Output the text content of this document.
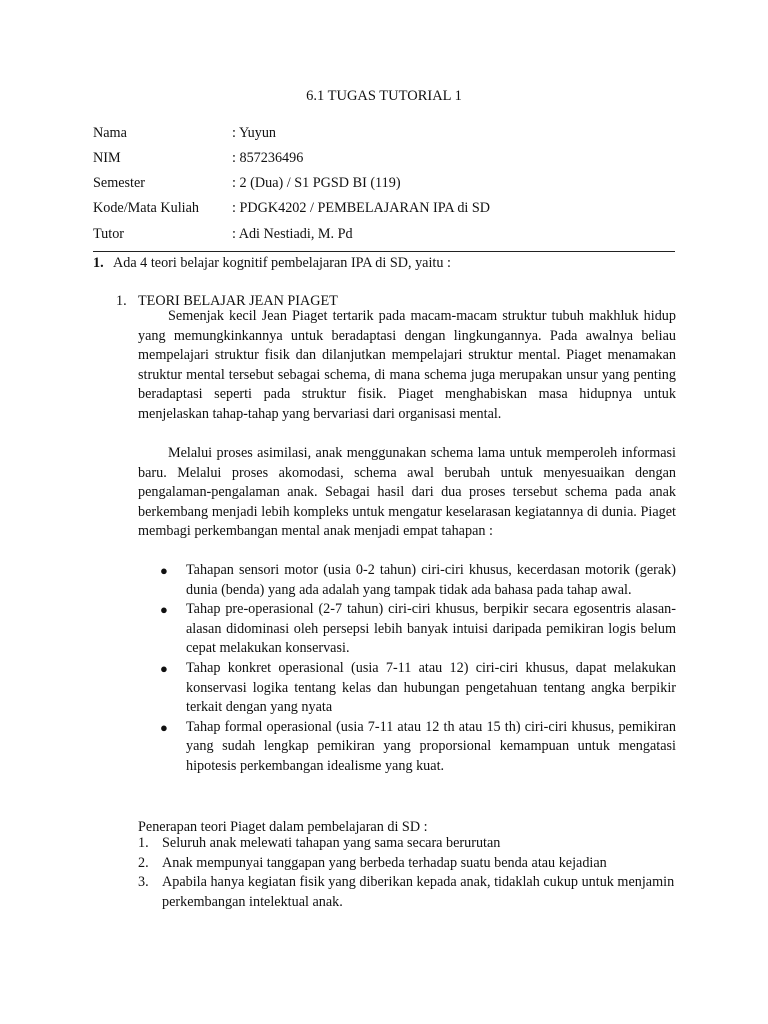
6.1 TUGAS TUTORIAL 1
Nama	: Yuyun
NIM	: 857236496
Semester	: 2 (Dua) / S1 PGSD BI (119)
Kode/Mata Kuliah : PDGK4202 / PEMBELAJARAN IPA di SD
Tutor	: Adi Nestiadi, M. Pd
1. Ada 4 teori belajar kognitif pembelajaran IPA di SD, yaitu :
1. TEORI BELAJAR JEAN PIAGET

Semenjak kecil Jean Piaget tertarik pada macam-macam struktur tubuh makhluk hidup yang memungkinkannya untuk beradaptasi dengan lingkungannya. Pada awalnya beliau mempelajari struktur fisik dan dilanjutkan mempelajari struktur mental. Piaget menamakan struktur mental tersebut sebagai schema, di mana schema juga merupakan unsur yang penting beradaptasi seperti pada struktur fisik. Piaget menghabiskan masa hidupnya untuk menjelaskan tahap-tahap yang bervariasi dari organisasi mental.

Melalui proses asimilasi, anak menggunakan schema lama untuk memperoleh informasi baru. Melalui proses akomodasi, schema awal berubah untuk menyesuaikan dengan pengalaman-pengalaman anak. Sebagai hasil dari dua proses tersebut schema pada anak berkembang menjadi lebih kompleks untuk mengatur keselarasan kegiatannya di dunia. Piaget membagi perkembangan mental anak menjadi empat tahapan :

● Tahapan sensori motor (usia 0-2 tahun) ciri-ciri khusus, kecerdasan motorik (gerak) dunia (benda) yang ada adalah yang tampak tidak ada bahasa pada tahap awal.
● Tahap pre-operasional (2-7 tahun) ciri-ciri khusus, berpikir secara egosentris alasan-alasan didominasi oleh persepsi lebih banyak intuisi daripada pemikiran logis belum cepat melakukan konservasi.
● Tahap konkret operasional (usia 7-11 atau 12) ciri-ciri khusus, dapat melakukan konservasi logika tentang kelas dan hubungan pengetahuan tentang angka berpikir terkait dengan yang nyata
● Tahap formal operasional (usia 7-11 atau 12 th atau 15 th) ciri-ciri khusus, pemikiran yang sudah lengkap pemikiran yang proporsional kemampuan untuk mengatasi hipotesis perkembangan idealisme yang kuat.
Penerapan teori Piaget dalam pembelajaran di SD :
1. Seluruh anak melewati tahapan yang sama secara berurutan
2. Anak mempunyai tanggapan yang berbeda terhadap suatu benda atau kejadian
3. Apabila hanya kegiatan fisik yang diberikan kepada anak, tidaklah cukup untuk menjamin perkembangan intelektual anak.
